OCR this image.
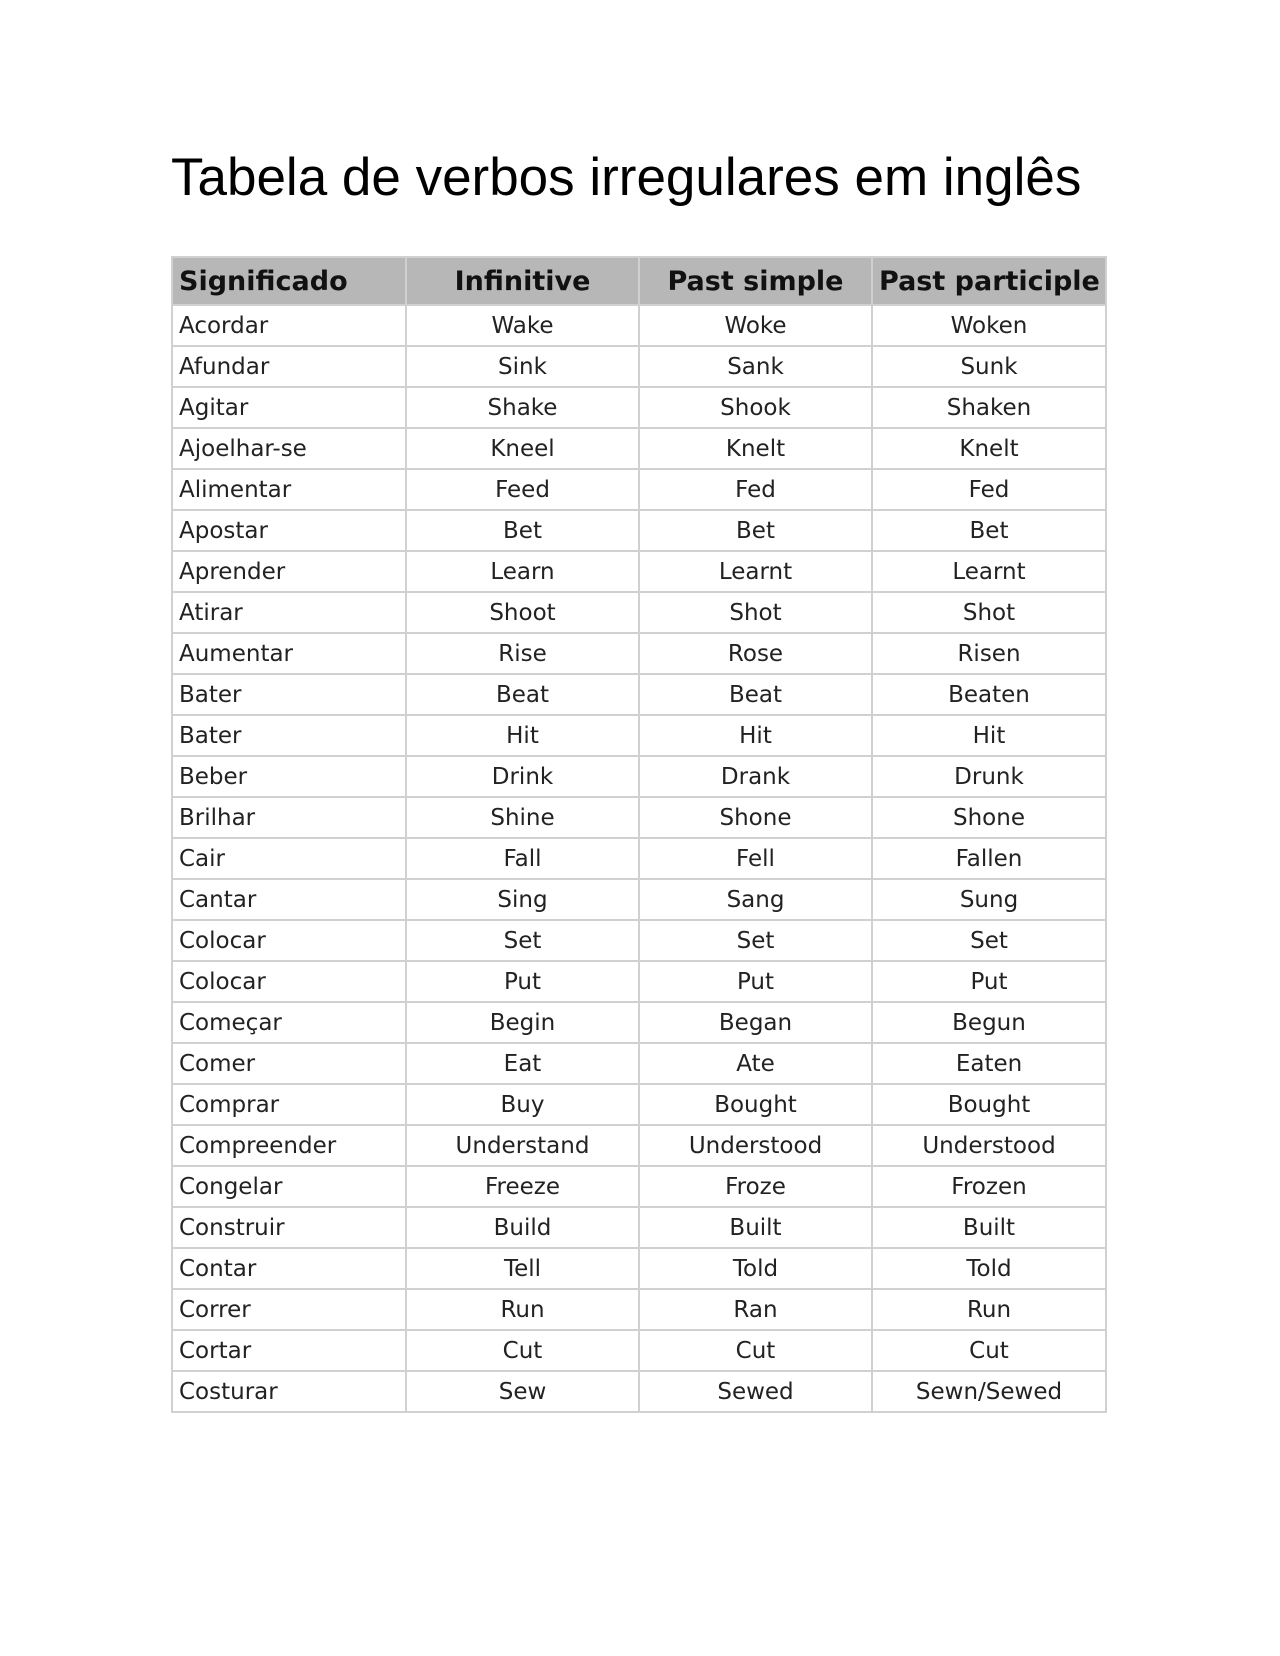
Tabela de verbos irregulares em inglês
Significado	Infinitive	Past simple	Past participle
Acordar	Wake	Woke	Woken
Afundar	Sink	Sank	Sunk
Agitar	Shake	Shook	Shaken
Ajoelhar-se	Kneel	Knelt	Knelt
Alimentar	Feed	Fed	Fed
Apostar	Bet	Bet	Bet
Aprender	Learn	Learnt	Learnt
Atirar	Shoot	Shot	Shot
Aumentar	Rise	Rose	Risen
Bater	Beat	Beat	Beaten
Bater	Hit	Hit	Hit
Beber	Drink	Drank	Drunk
Brilhar	Shine	Shone	Shone
Cair	Fall	Fell	Fallen
Cantar	Sing	Sang	Sung
Colocar	Set	Set	Set
Colocar	Put	Put	Put
Começar	Begin	Began	Begun
Comer	Eat	Ate	Eaten
Comprar	Buy	Bought	Bought
Compreender	Understand	Understood	Understood
Congelar	Freeze	Froze	Frozen
Construir	Build	Built	Built
Contar	Tell	Told	Told
Correr	Run	Ran	Run
Cortar	Cut	Cut	Cut
Costurar	Sew	Sewed	Sewn/Sewed
